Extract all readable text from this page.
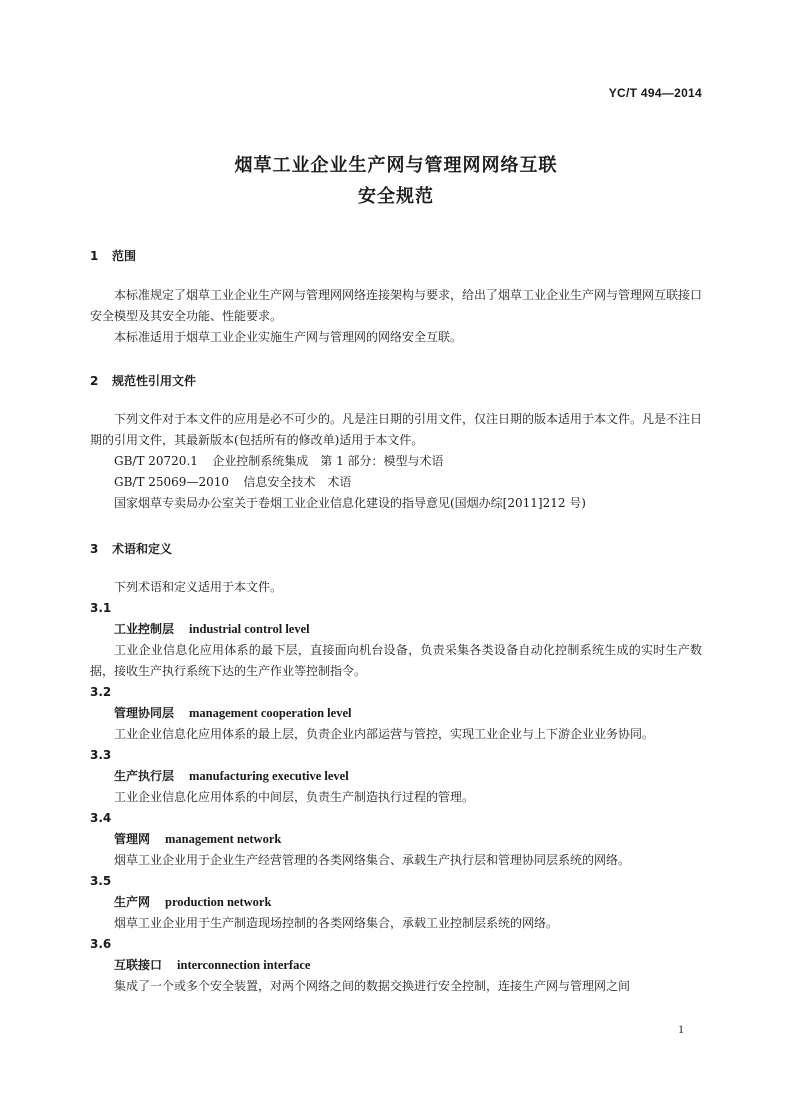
YC/T 494—2014
烟草工业企业生产网与管理网网络互联
安全规范
1 范围

本标准规定了烟草工业企业生产网与管理网网络连接架构与要求，给出了烟草工业企业生产网与管理网互联接口安全模型及其安全功能、性能要求。

本标准适用于烟草工业企业实施生产网与管理网的网络安全互联。

2 规范性引用文件

下列文件对于本文件的应用是必不可少的。凡是注日期的引用文件，仅注日期的版本适用于本文件。凡是不注日期的引用文件，其最新版本(包括所有的修改单)适用于本文件。

GB/T 20720.1 企业控制系统集成　第 1 部分：模型与术语

GB/T 25069—2010 信息安全技术　术语

国家烟草专卖局办公室关于卷烟工业企业信息化建设的指导意见(国烟办综[2011]212 号)

3 术语和定义

下列术语和定义适用于本文件。

3.1

工业控制层 industrial control level

工业企业信息化应用体系的最下层，直接面向机台设备，负责采集各类设备自动化控制系统生成的实时生产数据，接收生产执行系统下达的生产作业等控制指令。

3.2

管理协同层 management cooperation level

工业企业信息化应用体系的最上层，负责企业内部运营与管控，实现工业企业与上下游企业业务协同。

3.3

生产执行层 manufacturing executive level

工业企业信息化应用体系的中间层，负责生产制造执行过程的管理。

3.4

管理网 management network

烟草工业企业用于企业生产经营管理的各类网络集合、承载生产执行层和管理协同层系统的网络。

3.5

生产网 production network

烟草工业企业用于生产制造现场控制的各类网络集合，承载工业控制层系统的网络。

3.6

互联接口 interconnection interface

集成了一个或多个安全装置，对两个网络之间的数据交换进行安全控制，连接生产网与管理网之间

1
